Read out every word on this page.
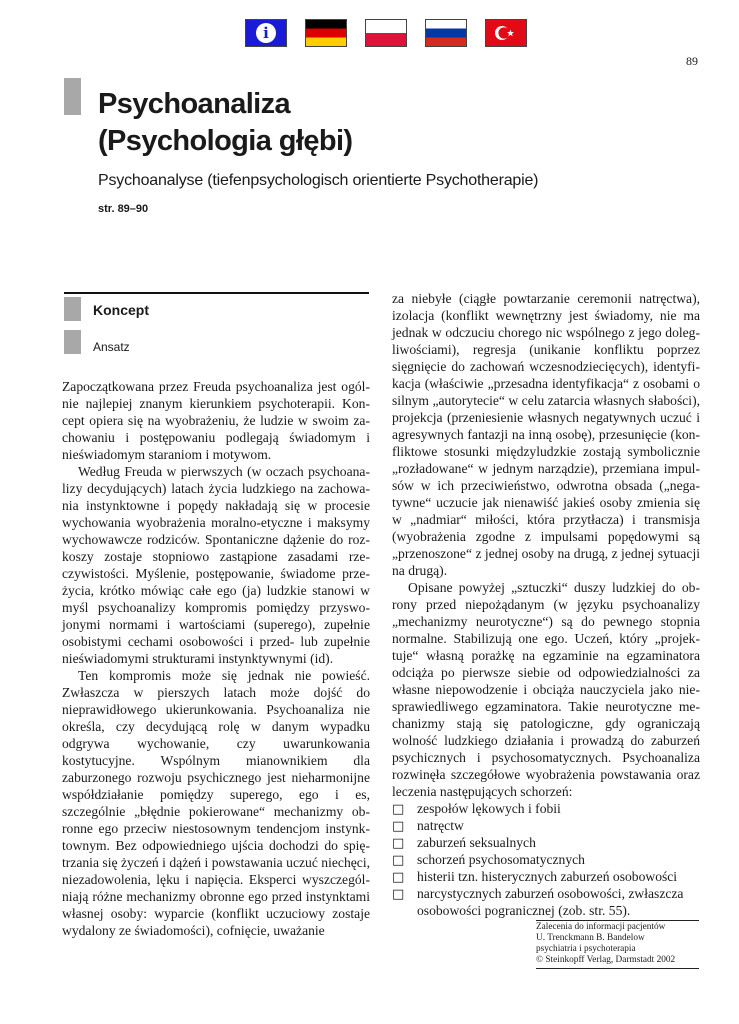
i
89
Psychoanaliza
(Psychologia głębi)
Psychoanalyse (tiefenpsychologisch orientierte Psychotherapie)
str. 89–90
Koncept
Ansatz

Zapoczątkowana przez Freuda psychoanaliza jest ogólnie najlepiej znanym kierunkiem psychoterapii. Koncept opiera się na wyobrażeniu, że ludzie w swoim zachowaniu i postępowaniu podlegają świadomym i nieświadomym staraniom i motywom.

Według Freuda w pierwszych (w oczach psychoanalizy decydujących) latach życia ludzkiego na zachowania instynktowne i popędy nakładają się w procesie wychowania wyobrażenia moralno-etyczne i maksymy wychowawcze rodziców. Spontaniczne dążenie do rozkoszy zostaje stopniowo zastąpione zasadami rzeczywistości. Myślenie, postępowanie, świadome przeżycia, krótko mówiąc całe ego (ja) ludzkie stanowi w myśl psychoanalizy kompromis pomiędzy przyswojonymi normami i wartościami (superego), zupełnie osobistymi cechami osobowości i przed- lub zupełnie nieświadomymi strukturami instynktywnymi (id).

Ten kompromis może się jednak nie powieść. Zwłaszcza w pierszych latach może dojść do nieprawidłowego ukierunkowania. Psychoanaliza nie określa, czy decydującą rolę w danym wypadku odgrywa wychowanie, czy uwarunkowania kostytucyjne. Wspólnym mianownikiem dla zaburzonego rozwoju psychicznego jest nieharmonijne współdziałanie pomiędzy superego, ego i es, szczególnie „błędnie pokierowane“ mechanizmy obronne ego przeciw niestosownym tendencjom instynktownym. Bez odpowiedniego ujścia dochodzi do spiętrzania się życzeń i dążeń i powstawania uczuć niechęci, niezadowolenia, lęku i napięcia. Eksperci wyszczególniają różne mechanizmy obronne ego przed instynktami własnej osoby: wyparcie (konflikt uczuciowy zostaje wydalony ze świadomości), cofnięcie, uważanie

za niebyłe (ciągłe powtarzanie ceremonii natręctwa), izolacja (konflikt wewnętrzny jest świadomy, nie ma jednak w odczuciu chorego nic wspólnego z jego dolegliwościami), regresja (unikanie konfliktu poprzez sięgnięcie do zachowań wczesnodziecięcych), identyfikacja (właściwie „przesadna identyfikacja“ z osobami o silnym „autorytecie“ w celu zatarcia własnych słabości), projekcja (przeniesienie własnych negatywnych uczuć i agresywnych fantazji na inną osobę), przesunięcie (konfliktowe stosunki międzyludzkie zostają symbolicznie „rozładowane“ w jednym narządzie), przemiana impulsów w ich przeciwieństwo, odwrotna obsada („negatywne“ uczucie jak nienawiść jakieś osoby zmienia się w „nadmiar“ miłości, która przytłacza) i transmisja (wyobrażenia zgodne z impulsami popędowymi są „przenoszone“ z jednej osoby na drugą, z jednej sytuacji na drugą).

Opisane powyżej „sztuczki“ duszy ludzkiej do obrony przed niepożądanym (w języku psychoanalizy „mechanizmy neurotyczne“) są do pewnego stopnia normalne. Stabilizują one ego. Uczeń, który „projektuje“ własną porażkę na egzaminie na egzaminatora odciąża po pierwsze siebie od odpowiedzialności za własne niepowodzenie i obciąża nauczyciela jako niesprawiedliwego egzaminatora. Takie neurotyczne mechanizmy stają się patologiczne, gdy ograniczają wolność ludzkiego działania i prowadzą do zaburzeń psychicznych i psychosomatycznych. Psychoanaliza rozwinęła szczegółowe wyobrażenia powstawania oraz leczenia następujących schorzeń:

□ zespołów lękowych i fobii
□ natręctw
□ zaburzeń seksualnych
□ schorzeń psychosomatycznych
□ histerii tzn. histerycznych zaburzeń osobowości
□ narcystycznych zaburzeń osobowości, zwłaszcza osobowości pogranicznej (zob. str. 55).
Zalecenia do informacji pacjentów
U. Trenckmann B. Bandelow
psychiatria i psychoterapia
© Steinkopff Verlag, Darmstadt 2002
